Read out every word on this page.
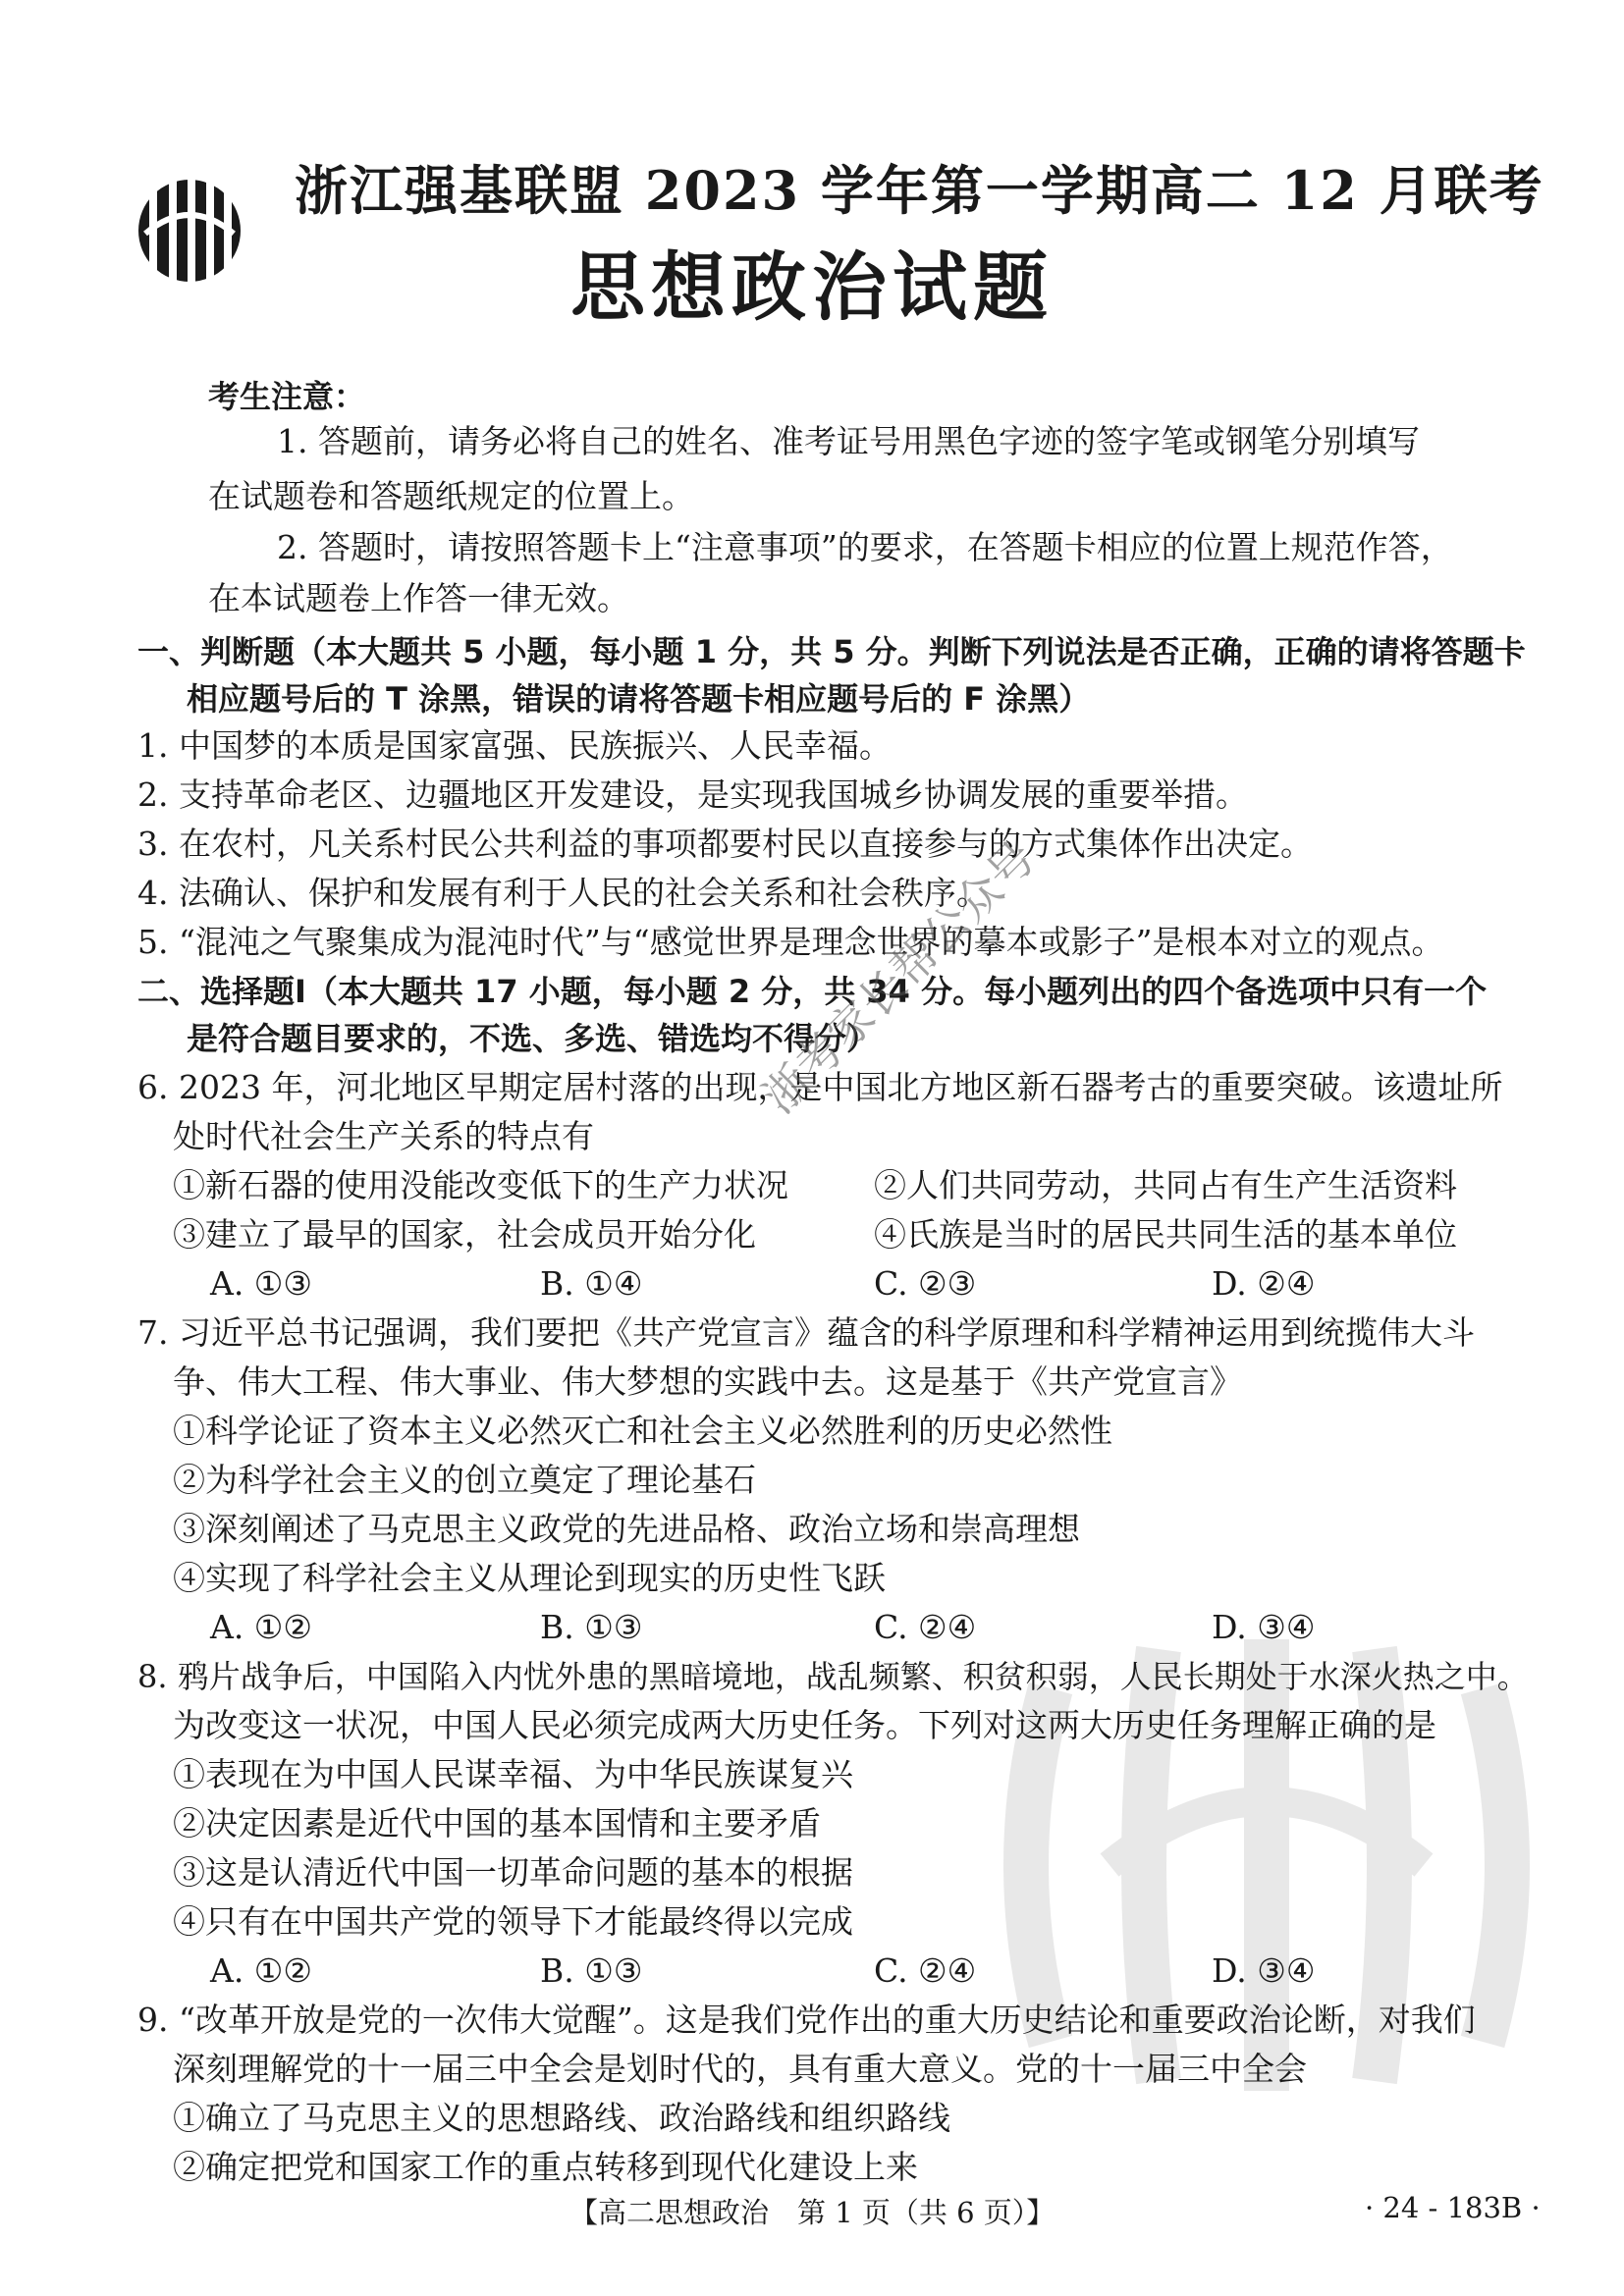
浙江强基联盟 2023 学年第一学期高二 12 月联考
思想政治试题
考生注意：
1. 答题前，请务必将自己的姓名、准考证号用黑色字迹的签字笔或钢笔分别填写
在试题卷和答题纸规定的位置上。
2. 答题时，请按照答题卡上“注意事项”的要求，在答题卡相应的位置上规范作答，
在本试题卷上作答一律无效。
一、判断题（本大题共 5 小题，每小题 1 分，共 5 分。判断下列说法是否正确，正确的请将答题卡
相应题号后的 T 涂黑，错误的请将答题卡相应题号后的 F 涂黑）
1. 中国梦的本质是国家富强、民族振兴、人民幸福。
2. 支持革命老区、边疆地区开发建设，是实现我国城乡协调发展的重要举措。
3. 在农村，凡关系村民公共利益的事项都要村民以直接参与的方式集体作出决定。
4. 法确认、保护和发展有利于人民的社会关系和社会秩序。
5. “混沌之气聚集成为混沌时代”与“感觉世界是理念世界的摹本或影子”是根本对立的观点。
二、选择题Ⅰ（本大题共 17 小题，每小题 2 分，共 34 分。每小题列出的四个备选项中只有一个
是符合题目要求的，不选、多选、错选均不得分）
6. 2023 年，河北地区早期定居村落的出现，是中国北方地区新石器考古的重要突破。该遗址所
处时代社会生产关系的特点有
①新石器的使用没能改变低下的生产力状况	②人们共同劳动，共同占有生产生活资料
③建立了最早的国家，社会成员开始分化	④氏族是当时的居民共同生活的基本单位
A. ①③	B. ①④	C. ②③	D. ②④
7. 习近平总书记强调，我们要把《共产党宣言》蕴含的科学原理和科学精神运用到统揽伟大斗
争、伟大工程、伟大事业、伟大梦想的实践中去。这是基于《共产党宣言》
①科学论证了资本主义必然灭亡和社会主义必然胜利的历史必然性
②为科学社会主义的创立奠定了理论基石
③深刻阐述了马克思主义政党的先进品格、政治立场和崇高理想
④实现了科学社会主义从理论到现实的历史性飞跃
A. ①②	B. ①③	C. ②④	D. ③④
8. 鸦片战争后，中国陷入内忧外患的黑暗境地，战乱频繁、积贫积弱，人民长期处于水深火热之中。
为改变这一状况，中国人民必须完成两大历史任务。下列对这两大历史任务理解正确的是
①表现在为中国人民谋幸福、为中华民族谋复兴
②决定因素是近代中国的基本国情和主要矛盾
③这是认清近代中国一切革命问题的基本的根据
④只有在中国共产党的领导下才能最终得以完成
A. ①②	B. ①③	C. ②④	D. ③④
9. “改革开放是党的一次伟大觉醒”。这是我们党作出的重大历史结论和重要政治论断，对我们
深刻理解党的十一届三中全会是划时代的，具有重大意义。党的十一届三中全会
①确立了马克思主义的思想路线、政治路线和组织路线
②确定把党和国家工作的重点转移到现代化建设上来
浙考家长帮公众号
【高二思想政治　第 1 页（共 6 页）】	· 24 - 183B ·
